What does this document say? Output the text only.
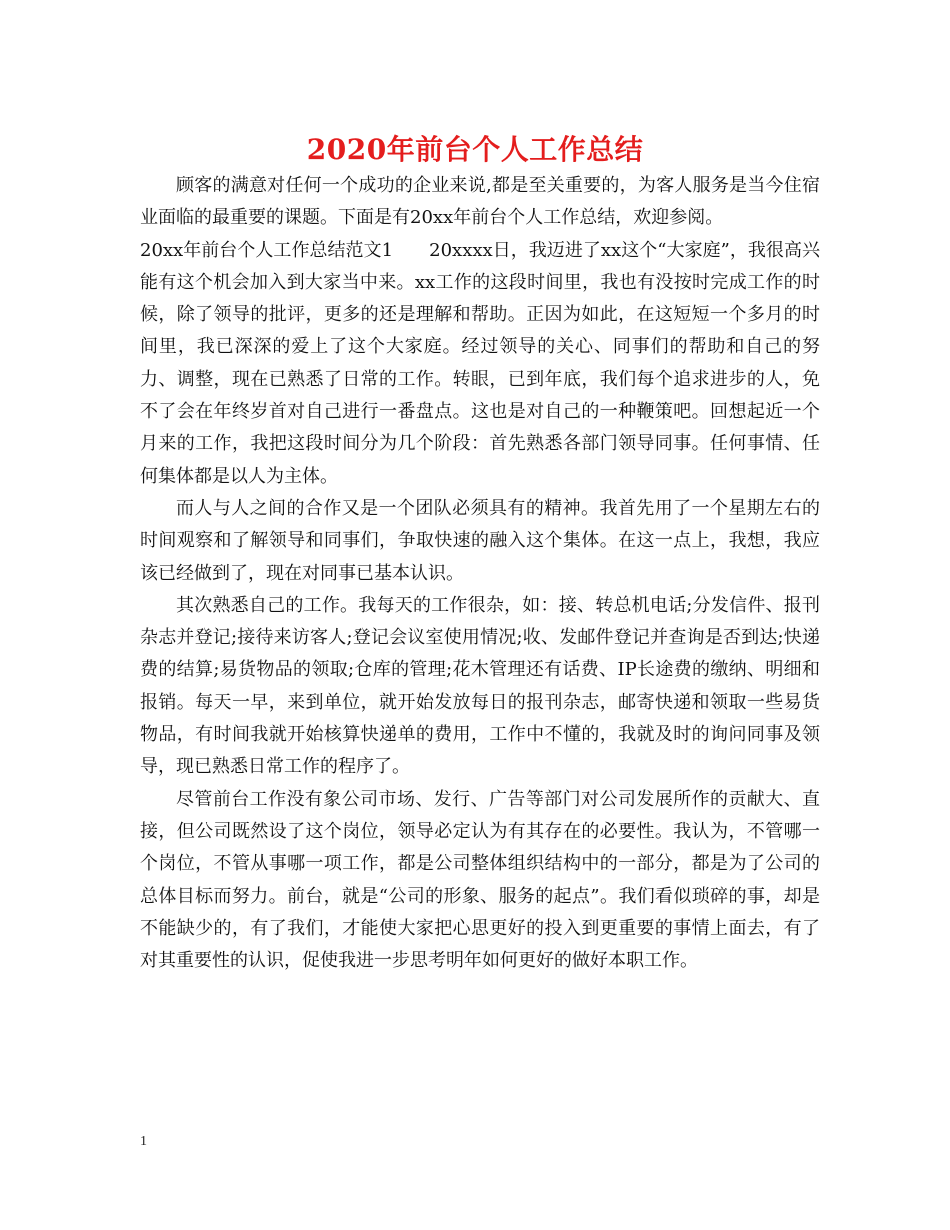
2020年前台个人工作总结

顾客的满意对任何一个成功的企业来说,都是至关重要的，为客人服务是当今住宿业面临的最重要的课题。下面是有20xx年前台个人工作总结，欢迎参阅。

20xx年前台个人工作总结范文1　　20xxxx日，我迈进了xx这个“大家庭”，我很高兴能有这个机会加入到大家当中来。xx工作的这段时间里，我也有没按时完成工作的时候，除了领导的批评，更多的还是理解和帮助。正因为如此，在这短短一个多月的时间里，我已深深的爱上了这个大家庭。经过领导的关心、同事们的帮助和自己的努力、调整，现在已熟悉了日常的工作。转眼，已到年底，我们每个追求进步的人，免不了会在年终岁首对自己进行一番盘点。这也是对自己的一种鞭策吧。回想起近一个月来的工作，我把这段时间分为几个阶段：首先熟悉各部门领导同事。任何事情、任何集体都是以人为主体。

而人与人之间的合作又是一个团队必须具有的精神。我首先用了一个星期左右的时间观察和了解领导和同事们，争取快速的融入这个集体。在这一点上，我想，我应该已经做到了，现在对同事已基本认识。

其次熟悉自己的工作。我每天的工作很杂，如：接、转总机电话;分发信件、报刊杂志并登记;接待来访客人;登记会议室使用情况;收、发邮件登记并查询是否到达;快递费的结算;易货物品的领取;仓库的管理;花木管理还有话费、IP长途费的缴纳、明细和报销。每天一早，来到单位，就开始发放每日的报刊杂志，邮寄快递和领取一些易货物品，有时间我就开始核算快递单的费用，工作中不懂的，我就及时的询问同事及领导，现已熟悉日常工作的程序了。

尽管前台工作没有象公司市场、发行、广告等部门对公司发展所作的贡献大、直接，但公司既然设了这个岗位，领导必定认为有其存在的必要性。我认为，不管哪一个岗位，不管从事哪一项工作，都是公司整体组织结构中的一部分，都是为了公司的总体目标而努力。前台，就是“公司的形象、服务的起点”。我们看似琐碎的事，却是不能缺少的，有了我们，才能使大家把心思更好的投入到更重要的事情上面去，有了对其重要性的认识，促使我进一步思考明年如何更好的做好本职工作。

1
